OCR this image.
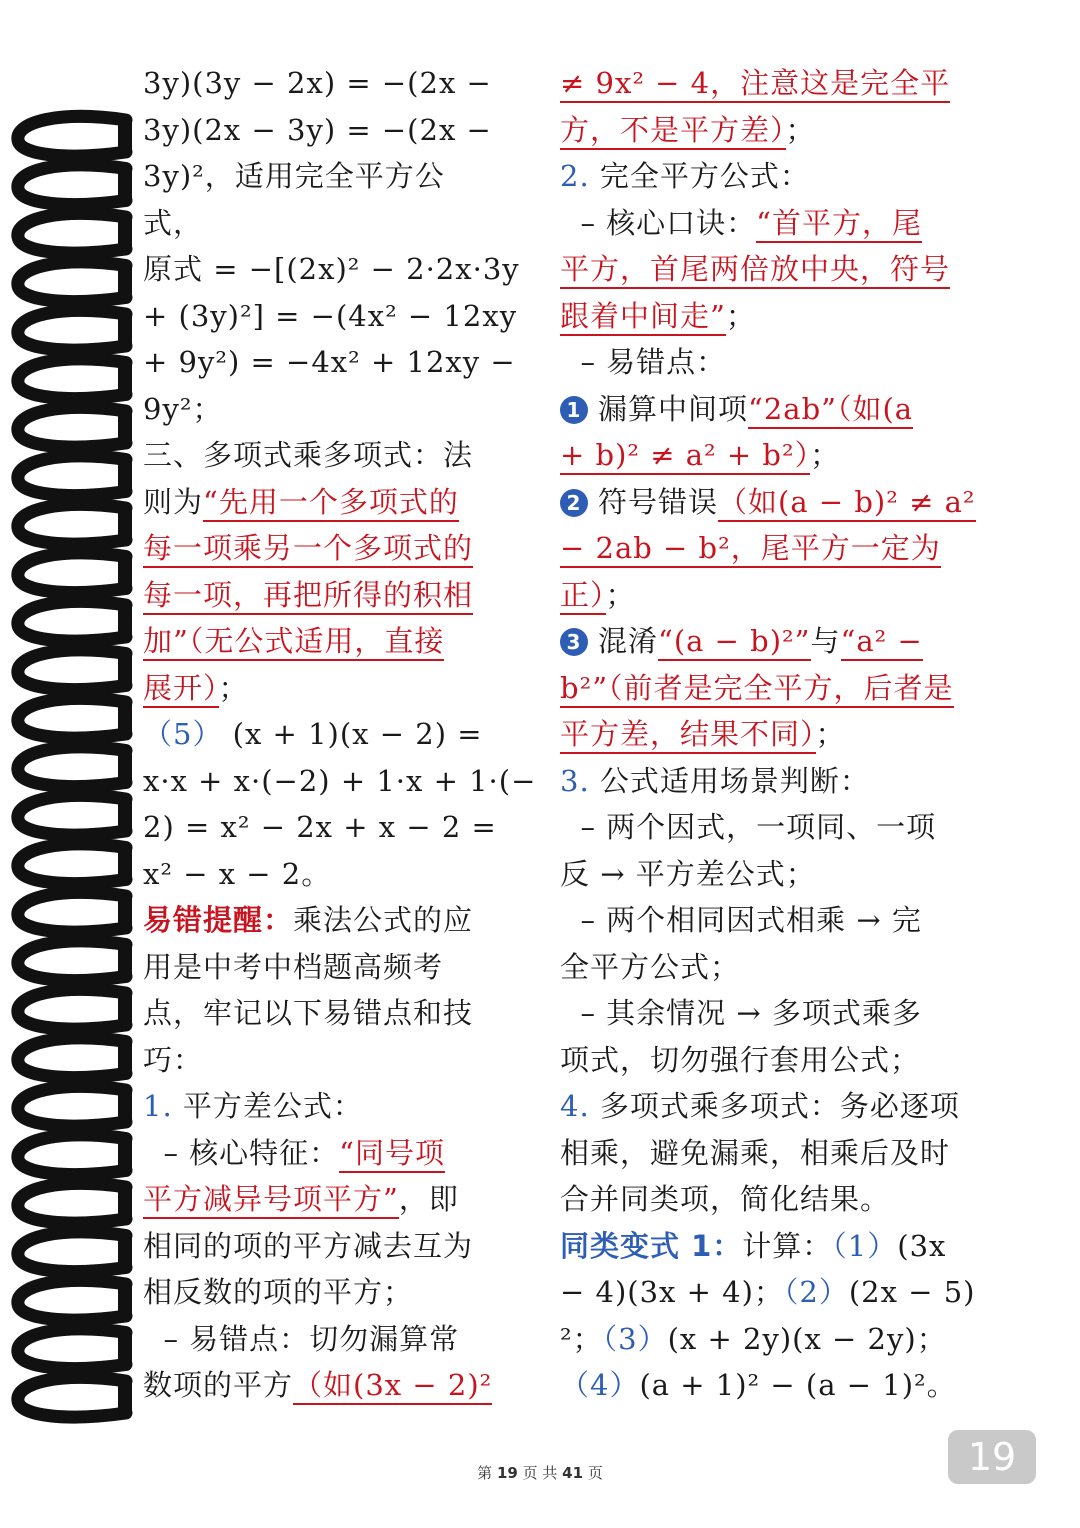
3y)(3y − 2x) = −(2x −
3y)(2x − 3y) = −(2x −
3y)²，适用完全平方公
式，
原式 = −[(2x)² − 2·2x·3y
+ (3y)²] = −(4x² − 12xy
+ 9y²) = −4x² + 12xy −
9y²；
三、多项式乘多项式：法
则为“先用一个多项式的
每一项乘另一个多项式的
每一项，再把所得的积相
加”（无公式适用，直接
展开）；
（5） (x + 1)(x − 2) =
x·x + x·(−2) + 1·x + 1·(−
2) = x² − 2x + x − 2 =
x² − x − 2。
易错提醒：乘法公式的应
用是中考中档题高频考
点，牢记以下易错点和技
巧：
1. 平方差公式：
– 核心特征：“同号项
平方减异号项平方”，即
相同的项的平方减去互为
相反数的项的平方；
– 易错点：切勿漏算常
数项的平方（如(3x − 2)²
≠ 9x² − 4，注意这是完全平
方，不是平方差）；
2. 完全平方公式：
– 核心口诀：“首平方，尾
平方，首尾两倍放中央，符号
跟着中间走”；
– 易错点：
1 漏算中间项“2ab”（如(a
+ b)² ≠ a² + b²）；
2 符号错误（如(a − b)² ≠ a²
− 2ab − b²，尾平方一定为
正）；
3 混淆“(a − b)²”与“a² −
b²”（前者是完全平方，后者是
平方差，结果不同）；
3. 公式适用场景判断：
– 两个因式，一项同、一项
反 → 平方差公式；
– 两个相同因式相乘 → 完
全平方公式；
– 其余情况 → 多项式乘多
项式，切勿强行套用公式；
4. 多项式乘多项式：务必逐项
相乘，避免漏乘，相乘后及时
合并同类项，简化结果。
同类变式 1：计算：（1）(3x
− 4)(3x + 4)；（2）(2x − 5)
²；（3）(x + 2y)(x − 2y)；
（4）(a + 1)² − (a − 1)²。
第 19 页 共 41 页	19
